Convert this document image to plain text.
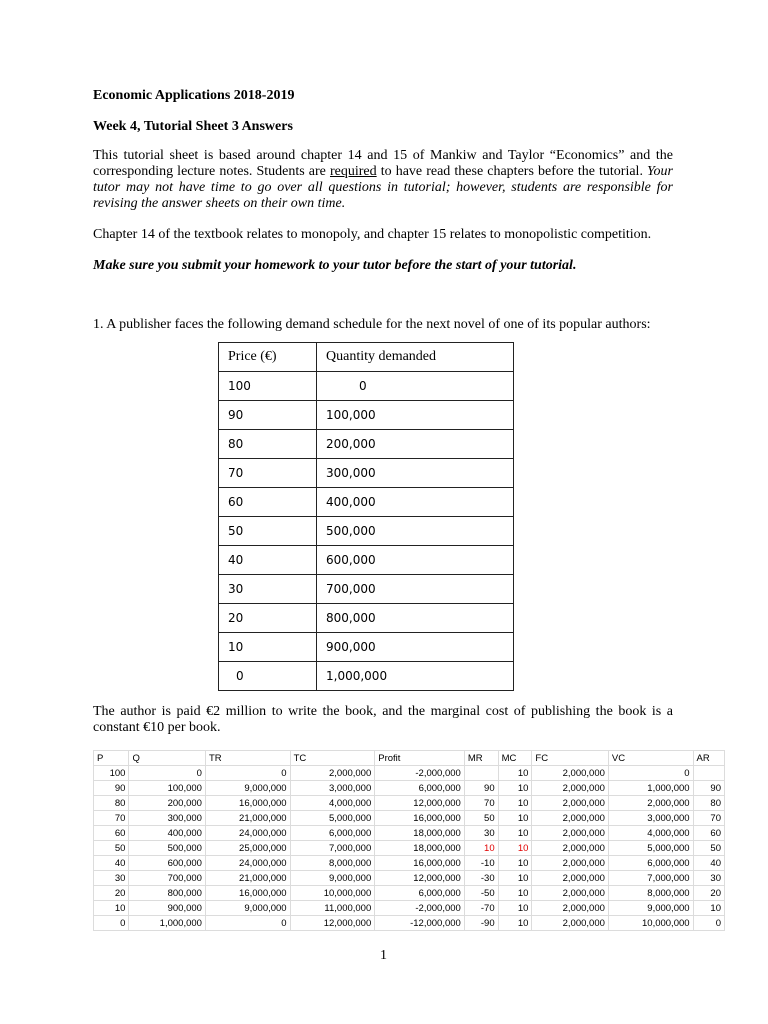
Economic Applications 2018-2019
Week 4, Tutorial Sheet 3 Answers
This tutorial sheet is based around chapter 14 and 15 of Mankiw and Taylor “Economics” and the corresponding lecture notes. Students are required to have read these chapters before the tutorial. Your tutor may not have time to go over all questions in tutorial; however, students are responsible for revising the answer sheets on their own time.
Chapter 14 of the textbook relates to monopoly, and chapter 15 relates to monopolistic competition.
Make sure you submit your homework to your tutor before the start of your tutorial.
1. A publisher faces the following demand schedule for the next novel of one of its popular authors:
Price (€)	Quantity demanded
100	0
90	100,000
80	200,000
70	300,000
60	400,000
50	500,000
40	600,000
30	700,000
20	800,000
10	900,000
0	1,000,000
The author is paid €2 million to write the book, and the marginal cost of publishing the book is a constant €10 per book.
P	Q	TR	TC	Profit	MR	MC	FC	VC	AR
100	0	0	2,000,000	-2,000,000		10	2,000,000	0	
90	100,000	9,000,000	3,000,000	6,000,000	90	10	2,000,000	1,000,000	90
80	200,000	16,000,000	4,000,000	12,000,000	70	10	2,000,000	2,000,000	80
70	300,000	21,000,000	5,000,000	16,000,000	50	10	2,000,000	3,000,000	70
60	400,000	24,000,000	6,000,000	18,000,000	30	10	2,000,000	4,000,000	60
50	500,000	25,000,000	7,000,000	18,000,000	10	10	2,000,000	5,000,000	50
40	600,000	24,000,000	8,000,000	16,000,000	-10	10	2,000,000	6,000,000	40
30	700,000	21,000,000	9,000,000	12,000,000	-30	10	2,000,000	7,000,000	30
20	800,000	16,000,000	10,000,000	6,000,000	-50	10	2,000,000	8,000,000	20
10	900,000	9,000,000	11,000,000	-2,000,000	-70	10	2,000,000	9,000,000	10
0	1,000,000	0	12,000,000	-12,000,000	-90	10	2,000,000	10,000,000	0
1
